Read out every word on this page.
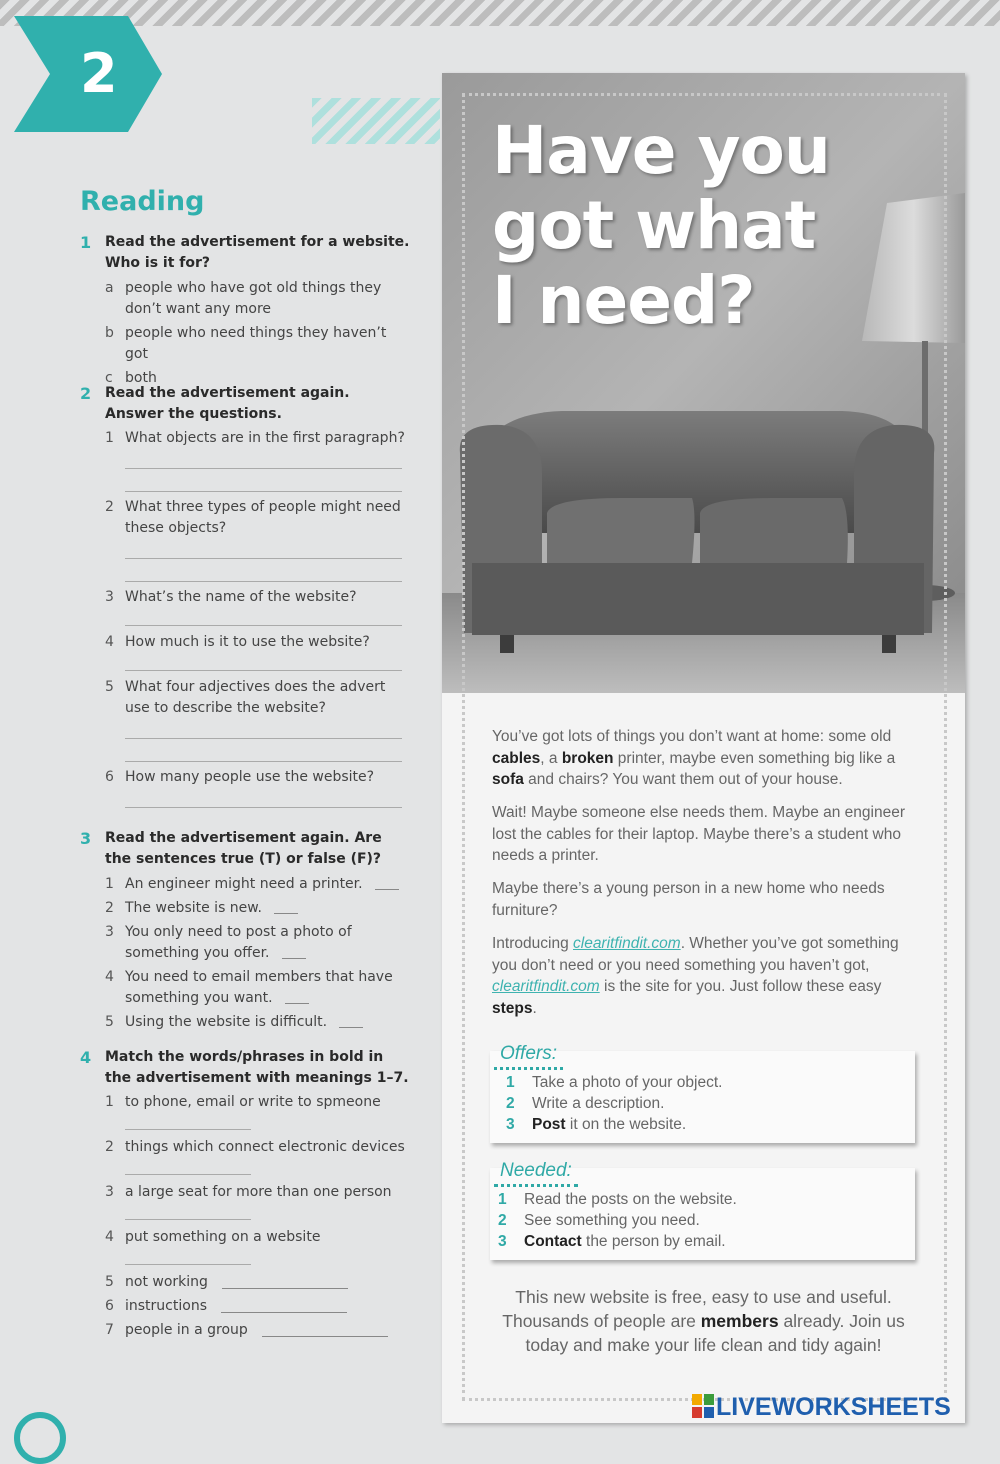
2
Reading
1 Read the advertisement for a website. Who is it for?
a people who have got old things they don’t want any more
b people who need things they haven’t got
c both
2 Read the advertisement again. Answer the questions.
1 What objects are in the first paragraph?
2 What three types of people might need these objects?
3 What’s the name of the website?
4 How much is it to use the website?
5 What four adjectives does the advert use to describe the website?
6 How many people use the website?
3 Read the advertisement again. Are the sentences true (T) or false (F)?
1 An engineer might need a printer.
2 The website is new.
3 You only need to post a photo of something you offer.
4 You need to email members that have something you want.
5 Using the website is difficult.
4 Match the words/phrases in bold in the advertisement with meanings 1–7.
1 to phone, email or write to spmeone
2 things which connect electronic devices
3 a large seat for more than one person
4 put something on a website
5 not working
6 instructions
7 people in a group
Have you
got what
I need?

You’ve got lots of things you don’t want at home: some old cables, a broken printer, maybe even something big like a sofa and chairs? You want them out of your house.

Wait! Maybe someone else needs them. Maybe an engineer lost the cables for their laptop. Maybe there’s a student who needs a printer.

Maybe there’s a young person in a new home who needs furniture?

Introducing clearitfindit.com. Whether you’ve got something you don’t need or you need something you haven’t got, clearitfindit.com is the site for you. Just follow these easy steps.

Offers:
1 Take a photo of your object.
2 Write a description.
3 Post it on the website.
Needed:
1 Read the posts on the website.
2 See something you need.
3 Contact the person by email.

This new website is free, easy to use and useful. Thousands of people are members already. Join us today and make your life clean and tidy again!

LIVEWORKSHEETS
